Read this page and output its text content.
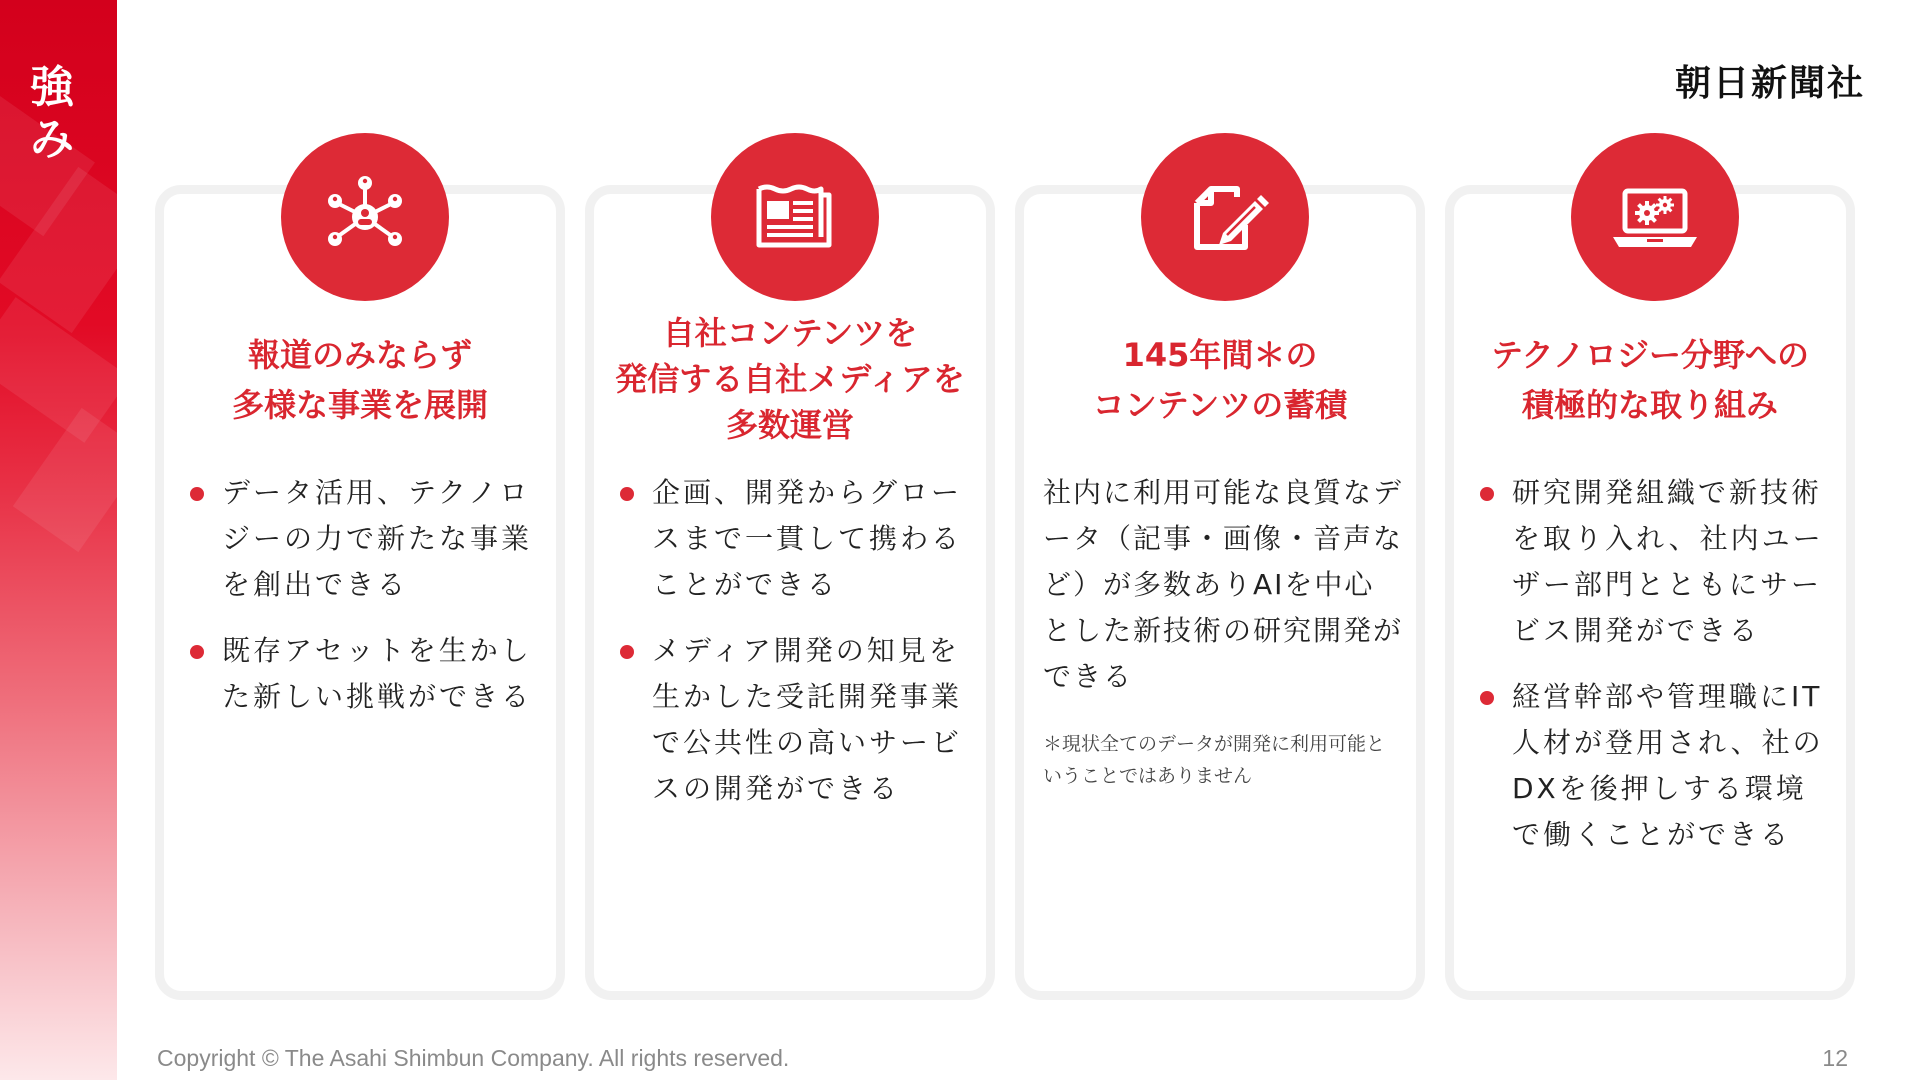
強
み
朝日新聞社
報道のみならず
多様な事業を展開
データ活用、テクノロジーの力で新たな事業を創出できる
既存アセットを生かした新しい挑戦ができる
自社コンテンツを
発信する自社メディアを
多数運営
企画、開発からグロースまで一貫して携わることができる
メディア開発の知見を生かした受託開発事業で公共性の高いサービスの開発ができる
145年間＊の
コンテンツの蓄積
社内に利用可能な良質なデータ（記事・画像・音声など）が多数ありAIを中心とした新技術の研究開発ができる
＊現状全てのデータが開発に利用可能ということではありません
テクノロジー分野への
積極的な取り組み
研究開発組織で新技術を取り入れ、社内ユーザー部門とともにサービス開発ができる
経営幹部や管理職にIT人材が登用され、社のDXを後押しする環境で働くことができる
Copyright © The Asahi Shimbun Company. All rights reserved.	12
